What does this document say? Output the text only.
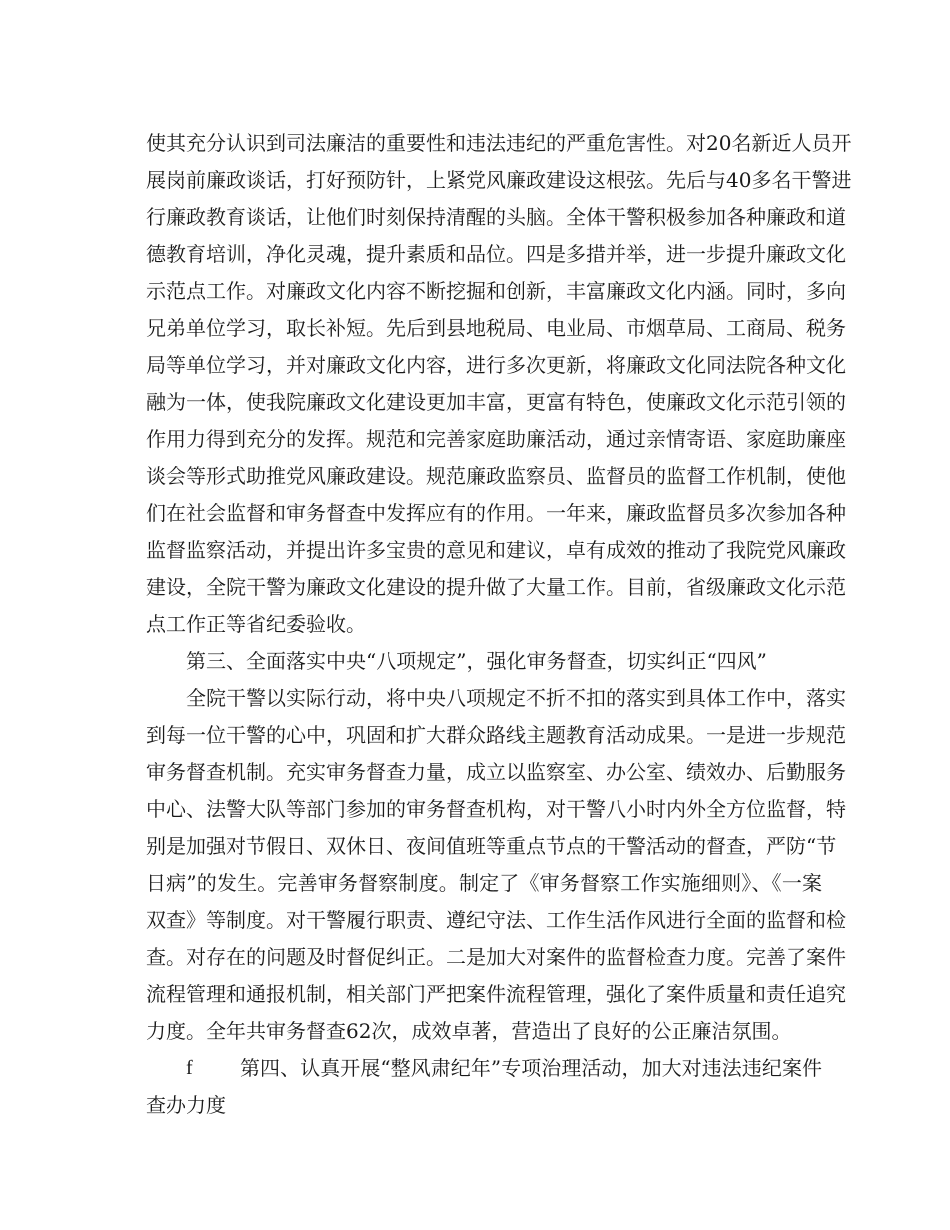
使其充分认识到司法廉洁的重要性和违法违纪的严重危害性。对20名新近人员开
展岗前廉政谈话，打好预防针，上紧党风廉政建设这根弦。先后与40多名干警进
行廉政教育谈话，让他们时刻保持清醒的头脑。全体干警积极参加各种廉政和道
德教育培训，净化灵魂，提升素质和品位。四是多措并举，进一步提升廉政文化
示范点工作。对廉政文化内容不断挖掘和创新，丰富廉政文化内涵。同时，多向
兄弟单位学习，取长补短。先后到县地税局、电业局、市烟草局、工商局、税务
局等单位学习，并对廉政文化内容，进行多次更新，将廉政文化同法院各种文化
融为一体，使我院廉政文化建设更加丰富，更富有特色，使廉政文化示范引领的
作用力得到充分的发挥。规范和完善家庭助廉活动，通过亲情寄语、家庭助廉座
谈会等形式助推党风廉政建设。规范廉政监察员、监督员的监督工作机制，使他
们在社会监督和审务督查中发挥应有的作用。一年来，廉政监督员多次参加各种
监督监察活动，并提出许多宝贵的意见和建议，卓有成效的推动了我院党风廉政
建设，全院干警为廉政文化建设的提升做了大量工作。目前，省级廉政文化示范
点工作正等省纪委验收。
第三、全面落实中央“八项规定”，强化审务督查，切实纠正“四风”
全院干警以实际行动，将中央八项规定不折不扣的落实到具体工作中，落实
到每一位干警的心中，巩固和扩大群众路线主题教育活动成果。一是进一步规范
审务督查机制。充实审务督查力量，成立以监察室、办公室、绩效办、后勤服务
中心、法警大队等部门参加的审务督查机构，对干警八小时内外全方位监督，特
别是加强对节假日、双休日、夜间值班等重点节点的干警活动的督查，严防“节
日病”的发生。完善审务督察制度。制定了《审务督察工作实施细则》、《一案
双查》等制度。对干警履行职责、遵纪守法、工作生活作风进行全面的监督和检
查。对存在的问题及时督促纠正。二是加大对案件的监督检查力度。完善了案件
流程管理和通报机制，相关部门严把案件流程管理，强化了案件质量和责任追究
力度。全年共审务督查62次，成效卓著，营造出了良好的公正廉洁氛围。
f 第四、认真开展“整风肃纪年”专项治理活动，加大对违法违纪案件
查办力度
